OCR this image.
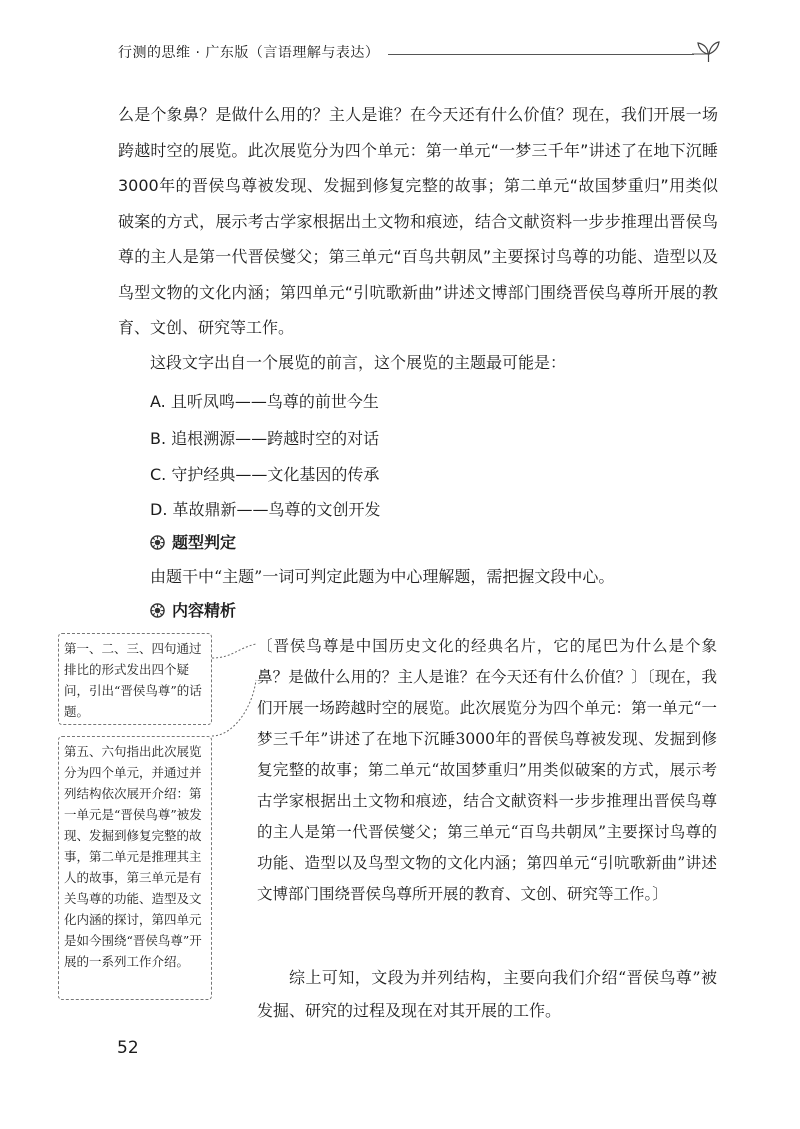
行测的思维 · 广东版（言语理解与表达）

么是个象鼻？是做什么用的？主人是谁？在今天还有什么价值？现在，我们开展一场跨越时空的展览。此次展览分为四个单元：第一单元“一梦三千年”讲述了在地下沉睡3000年的晋侯鸟尊被发现、发掘到修复完整的故事；第二单元“故国梦重归”用类似破案的方式，展示考古学家根据出土文物和痕迹，结合文献资料一步步推理出晋侯鸟尊的主人是第一代晋侯燮父；第三单元“百鸟共朝凤”主要探讨鸟尊的功能、造型以及鸟型文物的文化内涵；第四单元“引吭歌新曲”讲述文博部门围绕晋侯鸟尊所开展的教育、文创、研究等工作。

这段文字出自一个展览的前言，这个展览的主题最可能是：

A. 且听凤鸣——鸟尊的前世今生
B. 追根溯源——跨越时空的对话
C. 守护经典——文化基因的传承
D. 革故鼎新——鸟尊的文创开发
题型判定

由题干中“主题”一词可判定此题为中心理解题，需把握文段中心。

内容精析

第一、二、三、四句通过排比的形式发出四个疑问，引出“晋侯鸟尊”的话题。

第五、六句指出此次展览分为四个单元，并通过并列结构依次展开介绍：第一单元是“晋侯鸟尊”被发现、发掘到修复完整的故事，第二单元是推理其主人的故事，第三单元是有关鸟尊的功能、造型及文化内涵的探讨，第四单元是如今围绕“晋侯鸟尊”开展的一系列工作介绍。

〔晋侯鸟尊是中国历史文化的经典名片，它的尾巴为什么是个象鼻？是做什么用的？主人是谁？在今天还有什么价值？〕〔现在，我们开展一场跨越时空的展览。此次展览分为四个单元：第一单元“一梦三千年”讲述了在地下沉睡3000年的晋侯鸟尊被发现、发掘到修复完整的故事；第二单元“故国梦重归”用类似破案的方式，展示考古学家根据出土文物和痕迹，结合文献资料一步步推理出晋侯鸟尊的主人是第一代晋侯燮父；第三单元“百鸟共朝凤”主要探讨鸟尊的功能、造型以及鸟型文物的文化内涵；第四单元“引吭歌新曲”讲述文博部门围绕晋侯鸟尊所开展的教育、文创、研究等工作。〕

综上可知，文段为并列结构，主要向我们介绍“晋侯鸟尊”被发掘、研究的过程及现在对其开展的工作。

52
